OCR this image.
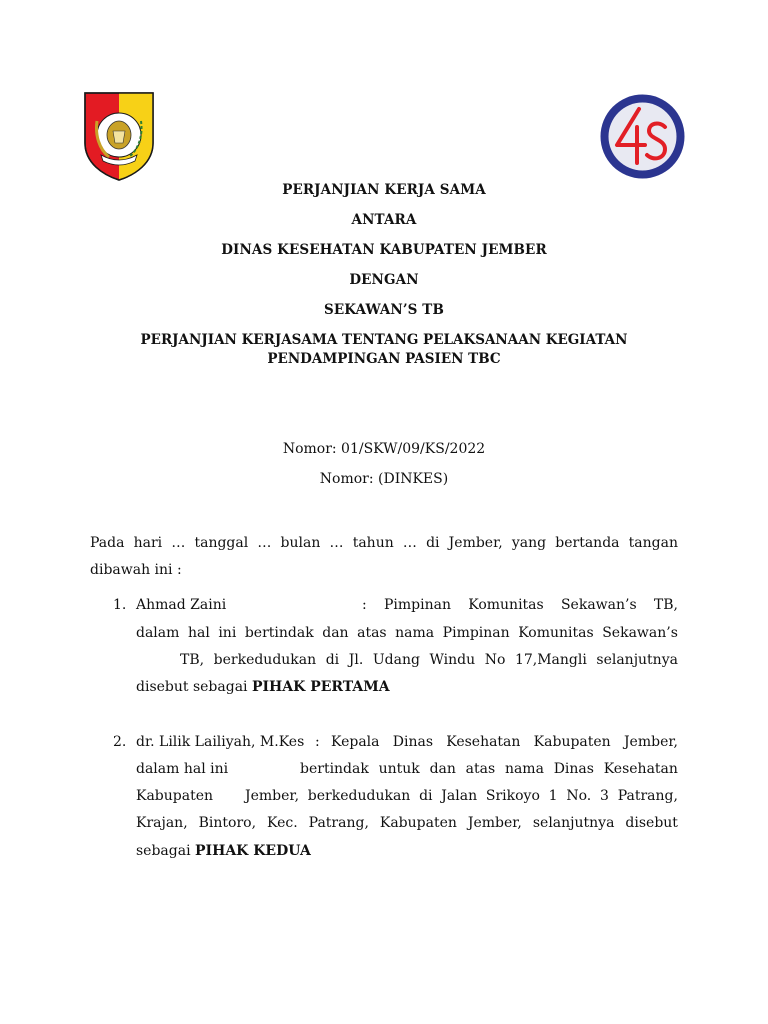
PERJANJIAN KERJA SAMA
ANTARA
DINAS KESEHATAN KABUPATEN JEMBER
DENGAN
SEKAWAN’S TB
PERJANJIAN KERJASAMA TENTANG PELAKSANAAN KEGIATAN
PENDAMPINGAN PASIEN TBC
Nomor: 01/SKW/09/KS/2022
Nomor: (DINKES)
Pada hari … tanggal … bulan … tahun … di Jember, yang bertanda tangan dibawah ini :
1. Ahmad Zaini	: Pimpinan Komunitas Sekawan’s TB,
dalam hal ini bertindak dan atas nama Pimpinan Komunitas Sekawan’s
TB, berkedudukan di Jl. Udang Windu No 17,Mangli selanjutnya
disebut sebagai PIHAK PERTAMA
2. dr. Lilik Lailiyah, M.Kes : Kepala Dinas Kesehatan Kabupaten Jember,
dalam hal ini	bertindak untuk dan atas nama Dinas Kesehatan
Kabupaten Jember, berkedudukan di Jalan Srikoyo 1 No. 3 Patrang,
Krajan, Bintoro, Kec. Patrang, Kabupaten Jember, selanjutnya disebut
sebagai PIHAK KEDUA
